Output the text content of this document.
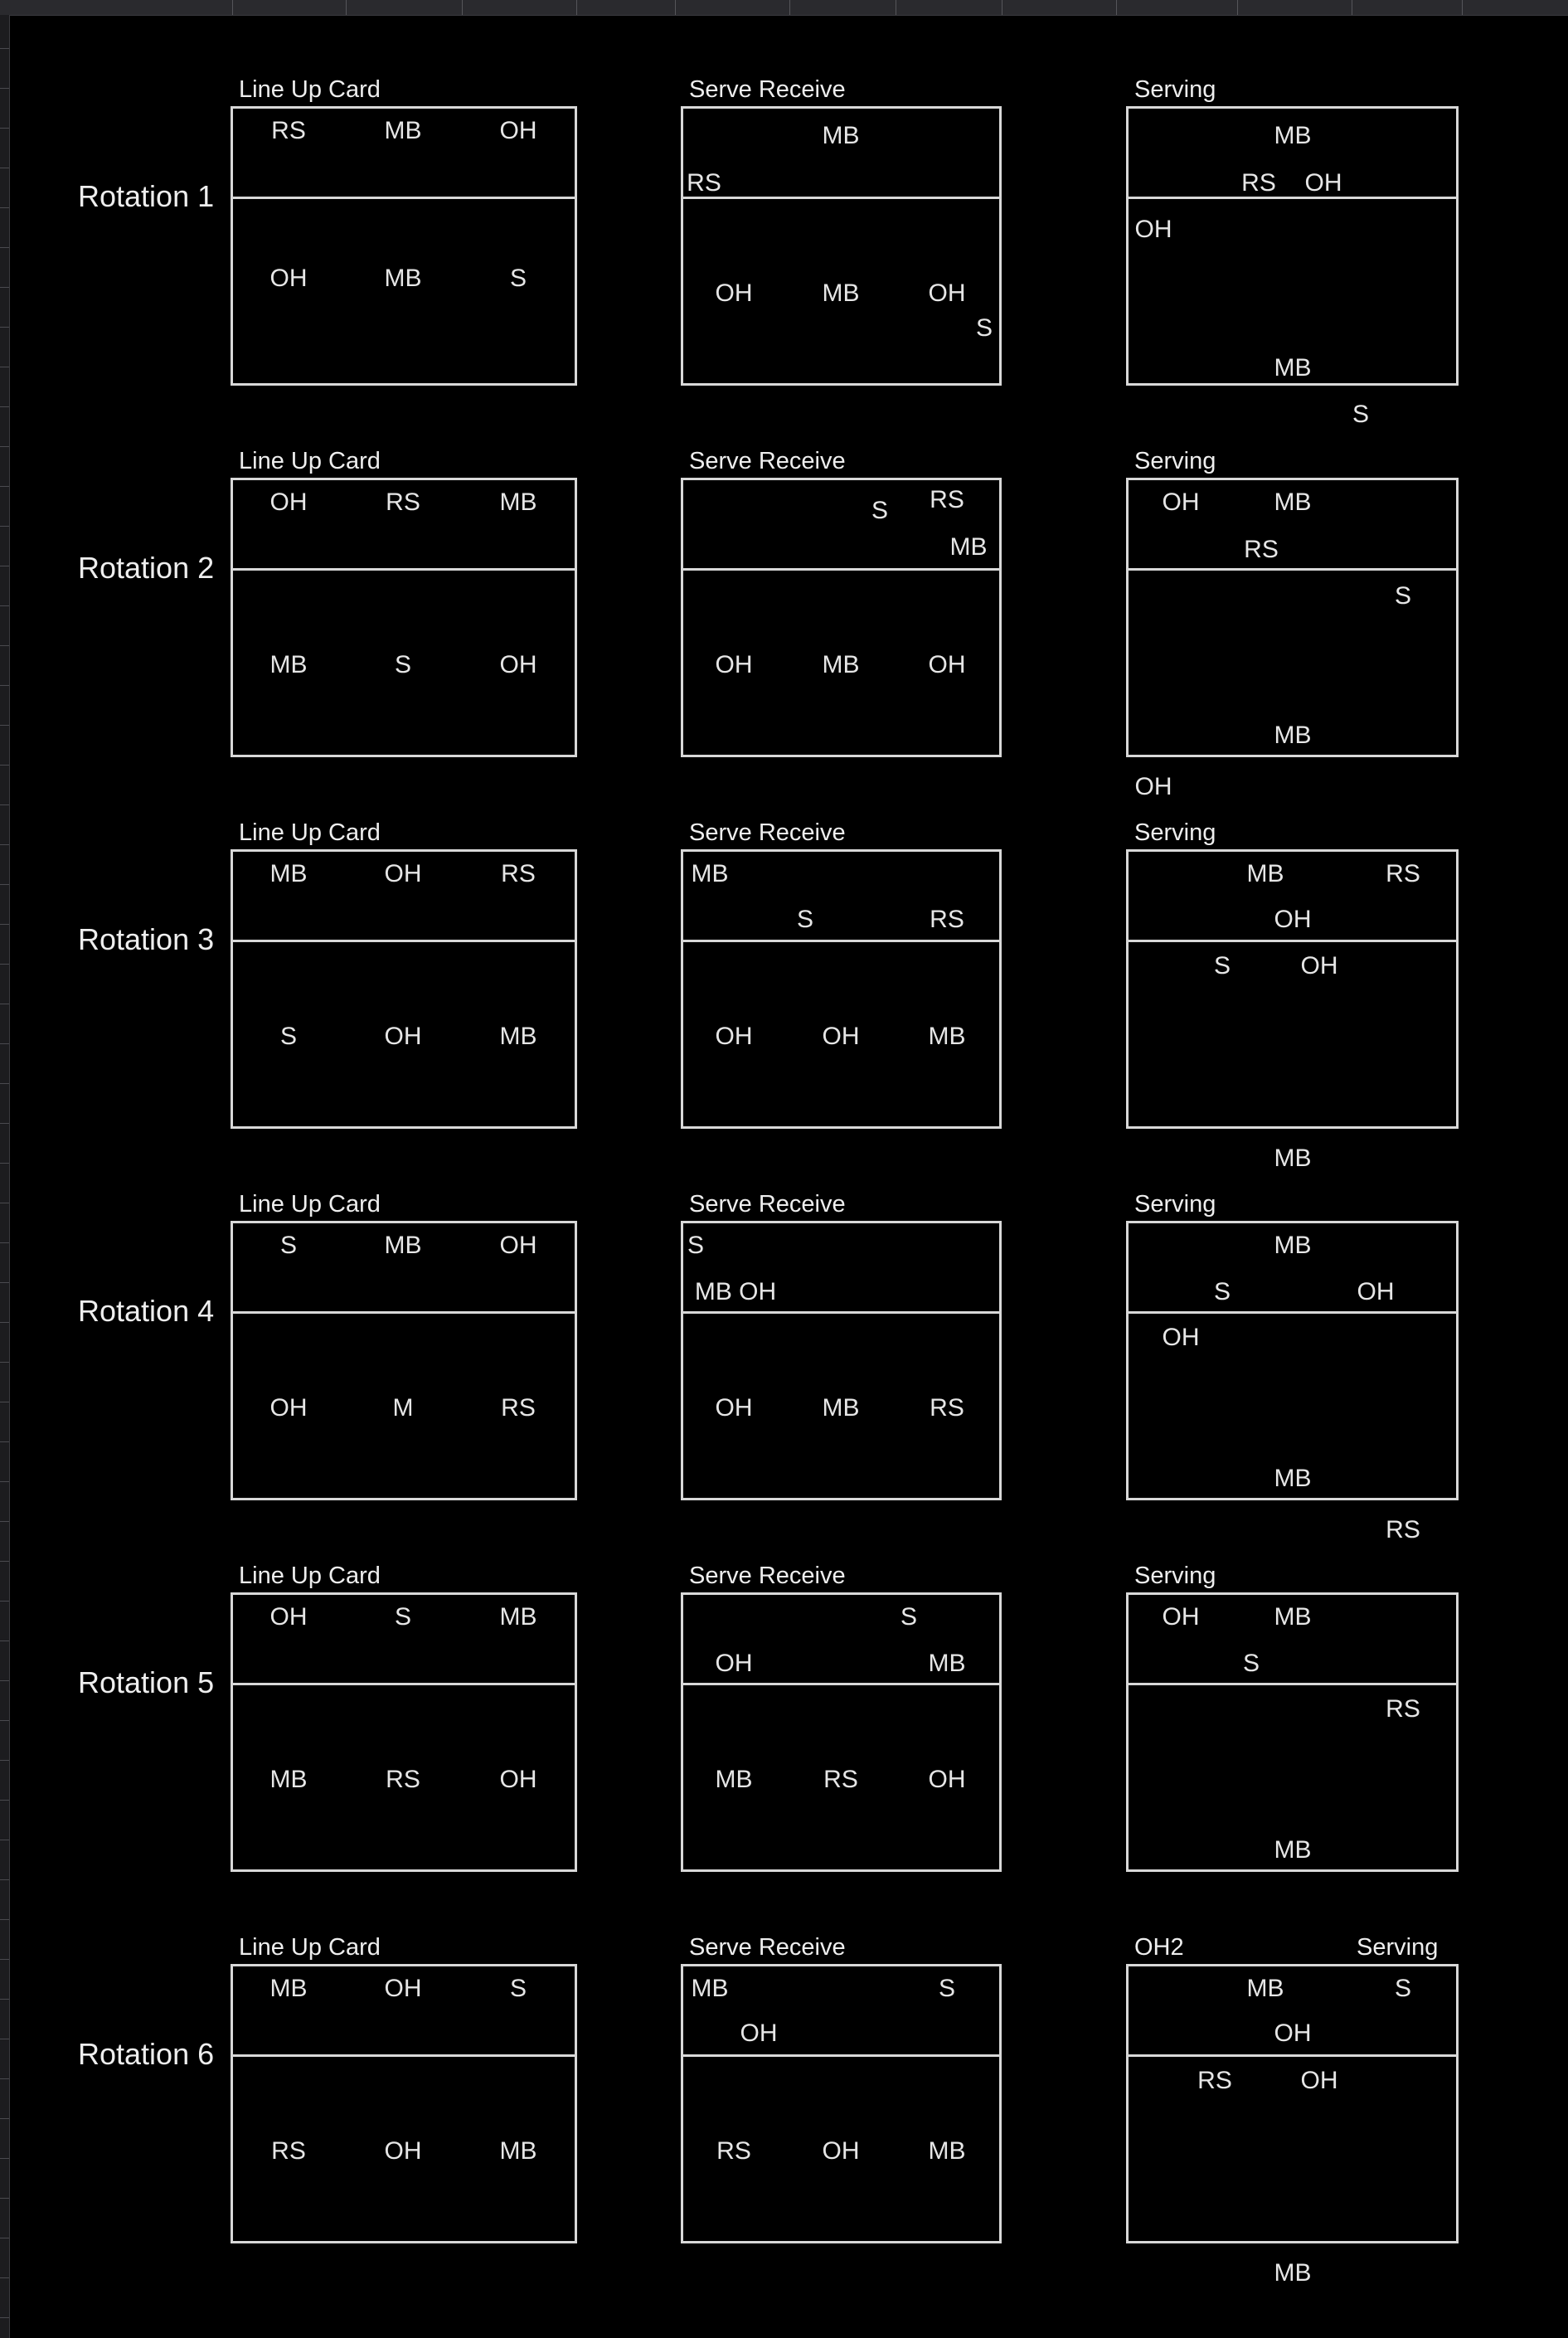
Rotation 1
Line Up Card
RS	MB	OH
OH	MB	S
Serve Receive
MB
RS
OH	MB	OH
S
Serving
MB
RS OH
OH
MB
S
Rotation 2
Line Up Card
OH	RS	MB
MB	S	OH
Serve Receive
S RS
MB
OH	MB	OH
Serving
OH	MB
RS
S
MB
OH
Rotation 3
Line Up Card
MB	OH	RS
S	OH	MB
Serve Receive
MB
S	RS
OH	OH	MB
Serving
MB	RS
OH
S	OH
MB
Rotation 4
Line Up Card
S	MB	OH
OH	M	RS
Serve Receive
S
MB OH
OH	MB	RS
Serving
MB
S	OH
OH
MB
RS
Rotation 5
Line Up Card
OH	S	MB
MB	RS	OH
Serve Receive
S
OH	MB
MB	RS	OH
Serving
OH	MB
S
RS
MB
Rotation 6
Line Up Card
MB	OH	S
RS	OH	MB
Serve Receive
MB	S
OH
RS	OH	MB
Serving
OH2
MB	S
OH
RS	OH
MB
